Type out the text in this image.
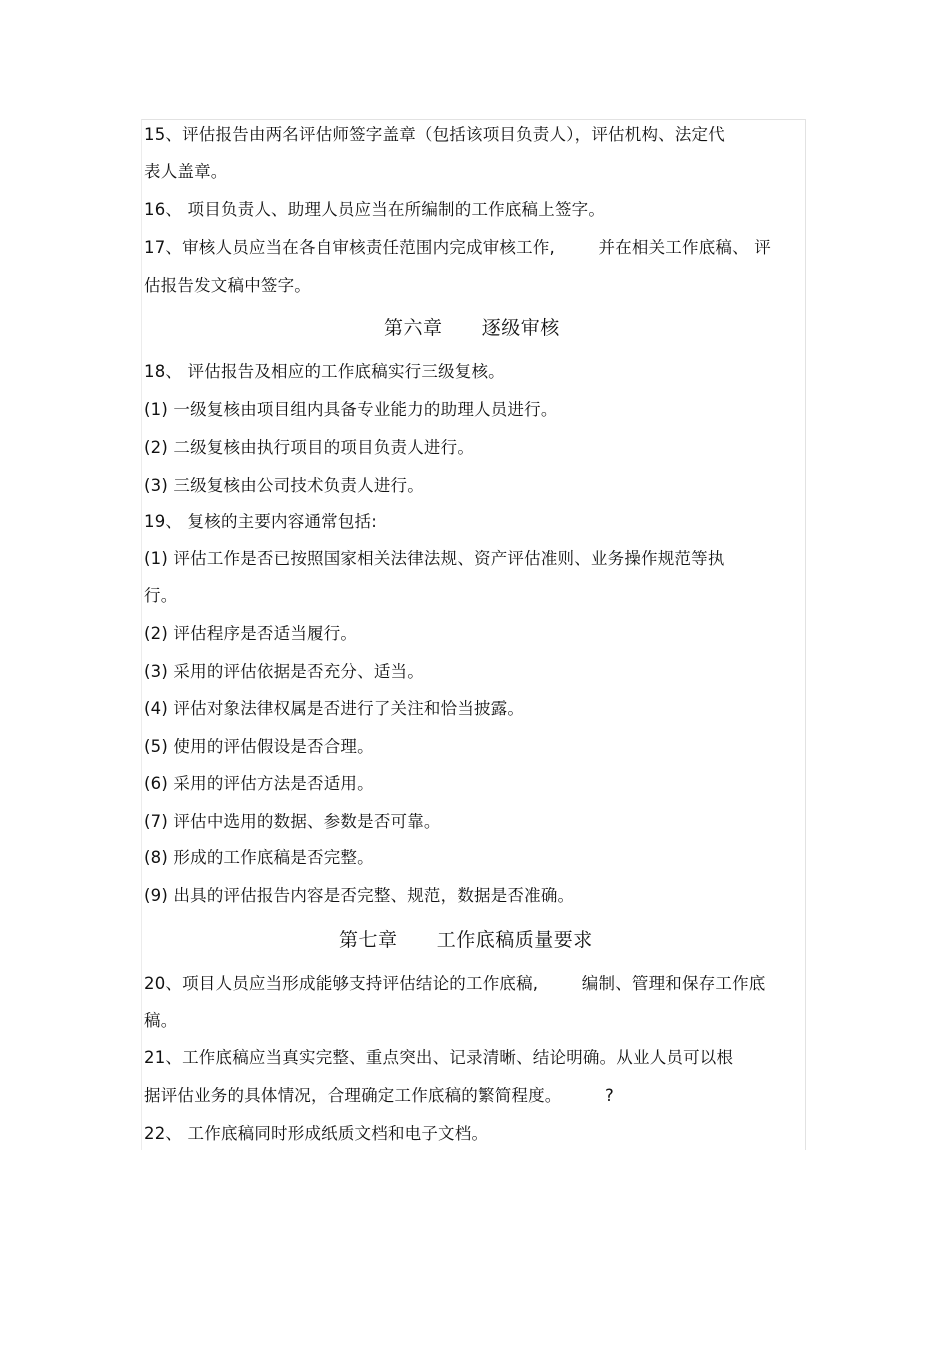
15、评估报告由两名评估师签字盖章（包括该项目负责人），评估机构、法定代
表人盖章。
16、 项目负责人、助理人员应当在所编制的工作底稿上签字。
17、审核人员应当在各自审核责任范围内完成审核工作,        并在相关工作底稿、 评
估报告发文稿中签字。
第六章      逐级审核
18、 评估报告及相应的工作底稿实行三级复核。
(1) 一级复核由项目组内具备专业能力的助理人员进行。
(2) 二级复核由执行项目的项目负责人进行。
(3) 三级复核由公司技术负责人进行。
19、 复核的主要内容通常包括:
(1) 评估工作是否已按照国家相关法律法规、资产评估准则、业务操作规范等执
行。
(2) 评估程序是否适当履行。
(3) 采用的评估依据是否充分、适当。
(4) 评估对象法律权属是否进行了关注和恰当披露。
(5) 使用的评估假设是否合理。
(6) 采用的评估方法是否适用。
(7) 评估中选用的数据、参数是否可靠。
(8) 形成的工作底稿是否完整。
(9) 出具的评估报告内容是否完整、规范，数据是否准确。
第七章      工作底稿质量要求
20、项目人员应当形成能够支持评估结论的工作底稿,        编制、管理和保存工作底
稿。
21、工作底稿应当真实完整、重点突出、记录清晰、结论明确。从业人员可以根
据评估业务的具体情况，合理确定工作底稿的繁简程度。        ?
22、 工作底稿同时形成纸质文档和电子文档。
